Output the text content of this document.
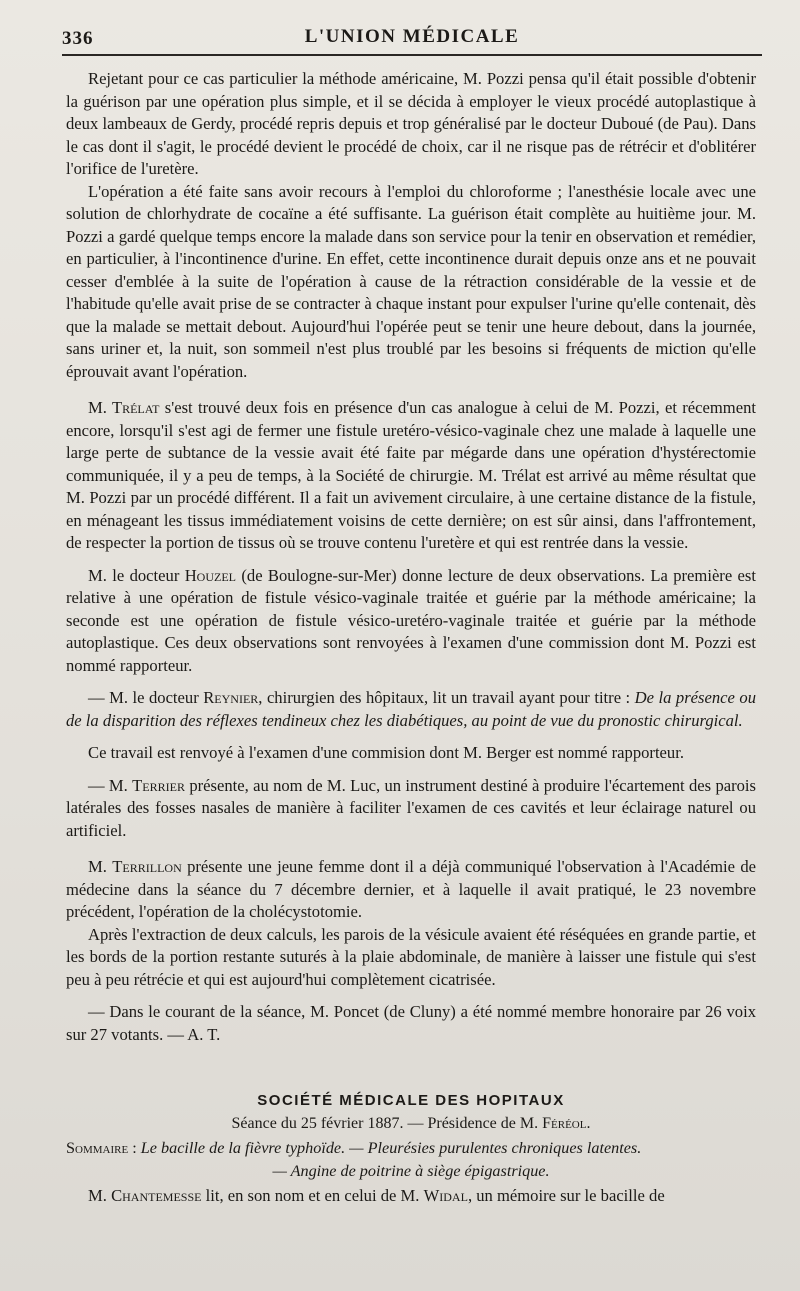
336	L'UNION MÉDICALE

Rejetant pour ce cas particulier la méthode américaine, M. Pozzi pensa qu'il était possible d'obtenir la guérison par une opération plus simple, et il se décida à employer le vieux procédé autoplastique à deux lambeaux de Gerdy, procédé repris depuis et trop généralisé par le docteur Duboué (de Pau). Dans le cas dont il s'agit, le procédé devient le procédé de choix, car il ne risque pas de rétrécir et d'oblitérer l'orifice de l'uretère.

L'opération a été faite sans avoir recours à l'emploi du chloroforme ; l'anesthésie locale avec une solution de chlorhydrate de cocaïne a été suffisante. La guérison était complète au huitième jour. M. Pozzi a gardé quelque temps encore la malade dans son service pour la tenir en observation et remédier, en particulier, à l'incontinence d'urine. En effet, cette incontinence durait depuis onze ans et ne pouvait cesser d'emblée à la suite de l'opération à cause de la rétraction considérable de la vessie et de l'habitude qu'elle avait prise de se contracter à chaque instant pour expulser l'urine qu'elle contenait, dès que la malade se mettait debout. Aujourd'hui l'opérée peut se tenir une heure debout, dans la journée, sans uriner et, la nuit, son sommeil n'est plus troublé par les besoins si fréquents de miction qu'elle éprouvait avant l'opération.

M. Trélat s'est trouvé deux fois en présence d'un cas analogue à celui de M. Pozzi, et récemment encore, lorsqu'il s'est agi de fermer une fistule uretéro-vésico-vaginale chez une malade à laquelle une large perte de subtance de la vessie avait été faite par mégarde dans une opération d'hystérectomie communiquée, il y a peu de temps, à la Société de chirurgie. M. Trélat est arrivé au même résultat que M. Pozzi par un procédé différent. Il a fait un avivement circulaire, à une certaine distance de la fistule, en ménageant les tissus immédiatement voisins de cette dernière; on est sûr ainsi, dans l'affrontement, de respecter la portion de tissus où se trouve contenu l'uretère et qui est rentrée dans la vessie.

M. le docteur Houzel (de Boulogne-sur-Mer) donne lecture de deux observations. La première est relative à une opération de fistule vésico-vaginale traitée et guérie par la méthode américaine; la seconde est une opération de fistule vésico-uretéro-vaginale traitée et guérie par la méthode autoplastique. Ces deux observations sont renvoyées à l'examen d'une commission dont M. Pozzi est nommé rapporteur.

— M. le docteur Reynier, chirurgien des hôpitaux, lit un travail ayant pour titre : De la présence ou de la disparition des réflexes tendineux chez les diabétiques, au point de vue du pronostic chirurgical.

Ce travail est renvoyé à l'examen d'une commision dont M. Berger est nommé rapporteur.

— M. Terrier présente, au nom de M. Luc, un instrument destiné à produire l'écartement des parois latérales des fosses nasales de manière à faciliter l'examen de ces cavités et leur éclairage naturel ou artificiel.

M. Terrillon présente une jeune femme dont il a déjà communiqué l'observation à l'Académie de médecine dans la séance du 7 décembre dernier, et à laquelle il avait pratiqué, le 23 novembre précédent, l'opération de la cholécystotomie.

Après l'extraction de deux calculs, les parois de la vésicule avaient été réséquées en grande partie, et les bords de la portion restante suturés à la plaie abdominale, de manière à laisser une fistule qui s'est peu à peu rétrécie et qui est aujourd'hui complètement cicatrisée.

— Dans le courant de la séance, M. Poncet (de Cluny) a été nommé membre honoraire par 26 voix sur 27 votants. — A. T.

SOCIÉTÉ MÉDICALE DES HOPITAUX
Séance du 25 février 1887. — Présidence de M. Féréol.
Sommaire : Le bacille de la fièvre typhoïde. — Pleurésies purulentes chroniques latentes.
— Angine de poitrine à siège épigastrique.

M. Chantemesse lit, en son nom et en celui de M. Widal, un mémoire sur le bacille de
